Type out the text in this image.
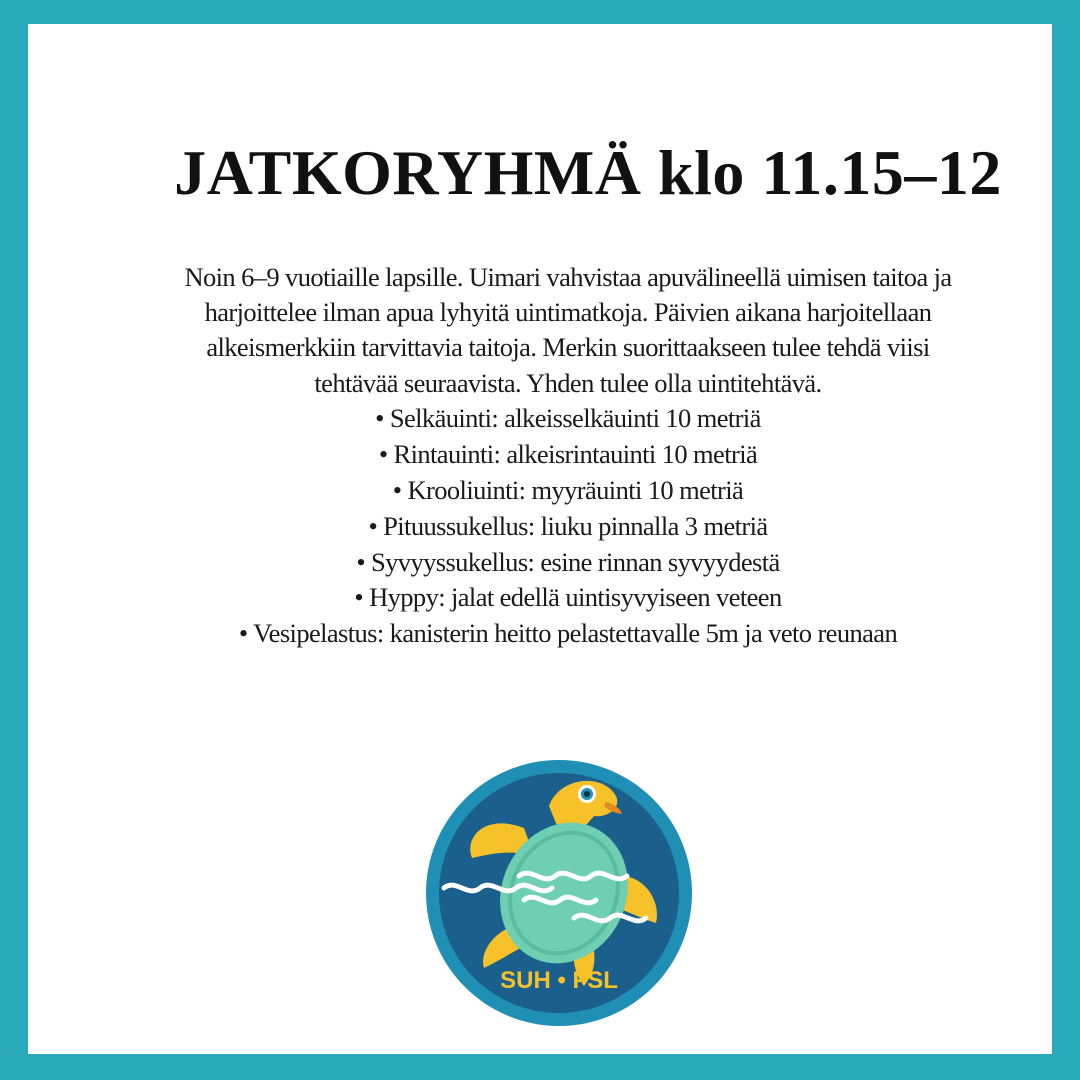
JATKORYHMÄ klo 11.15–12
Noin 6–9 vuotiaille lapsille. Uimari vahvistaa apuvälineellä uimisen taitoa ja
harjoittelee ilman apua lyhyitä uintimatkoja. Päivien aikana harjoitellaan
alkeismerkkiin tarvittavia taitoja. Merkin suorittaakseen tulee tehdä viisi
tehtävää seuraavista. Yhden tulee olla uintitehtävä.
• Selkäuinti: alkeisselkäuinti 10 metriä
• Rintauinti: alkeisrintauinti 10 metriä
• Krooliuinti: myyräuinti 10 metriä
• Pituussukellus: liuku pinnalla 3 metriä
• Syvyyssukellus: esine rinnan syvyydestä
• Hyppy: jalat edellä uintisyvyiseen veteen
• Vesipelastus: kanisterin heitto pelastettavalle 5m ja veto reunaan
SUH • FSL
